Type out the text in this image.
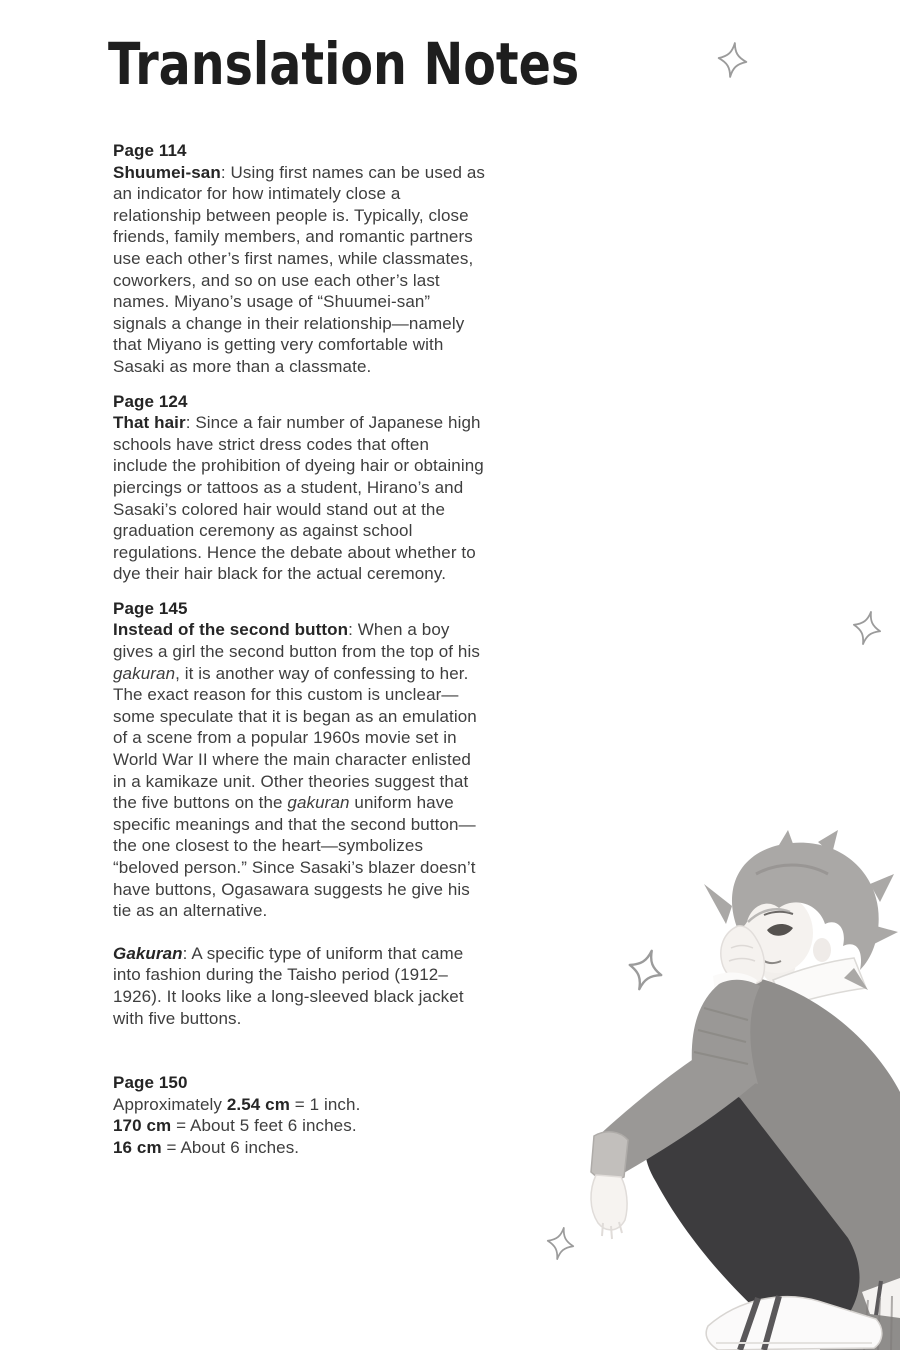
Translation Notes
Page 114

Shuumei-san: Using first names can be used as an indicator for how intimately close a relationship between people is. Typically, close friends, family members, and romantic partners use each other’s first names, while classmates, coworkers, and so on use each other’s last names. Miyano’s usage of “Shuumei-san” signals a change in their relationship—namely that Miyano is getting very comfortable with Sasaki as more than a classmate.

Page 124

That hair: Since a fair number of Japanese high schools have strict dress codes that often include the prohibition of dyeing hair or obtaining piercings or tattoos as a student, Hirano’s and Sasaki’s colored hair would stand out at the graduation ceremony as against school regulations. Hence the debate about whether to dye their hair black for the actual ceremony.

Page 145

Instead of the second button: When a boy gives a girl the second button from the top of his gakuran, it is another way of confessing to her. The exact reason for this custom is unclear—some speculate that it is began as an emulation of a scene from a popular 1960s movie set in World War II where the main character enlisted in a kamikaze unit. Other theories suggest that the five buttons on the gakuran uniform have specific meanings and that the second button—the one closest to the heart—symbolizes “beloved person.” Since Sasaki’s blazer doesn’t have buttons, Ogasawara suggests he give his tie as an alternative.

Gakuran: A specific type of uniform that came into fashion during the Taisho period (1912–1926). It looks like a long-sleeved black jacket with five buttons.

Page 150

Approximately 2.54 cm = 1 inch.
170 cm = About 5 feet 6 inches.
16 cm = About 6 inches.
